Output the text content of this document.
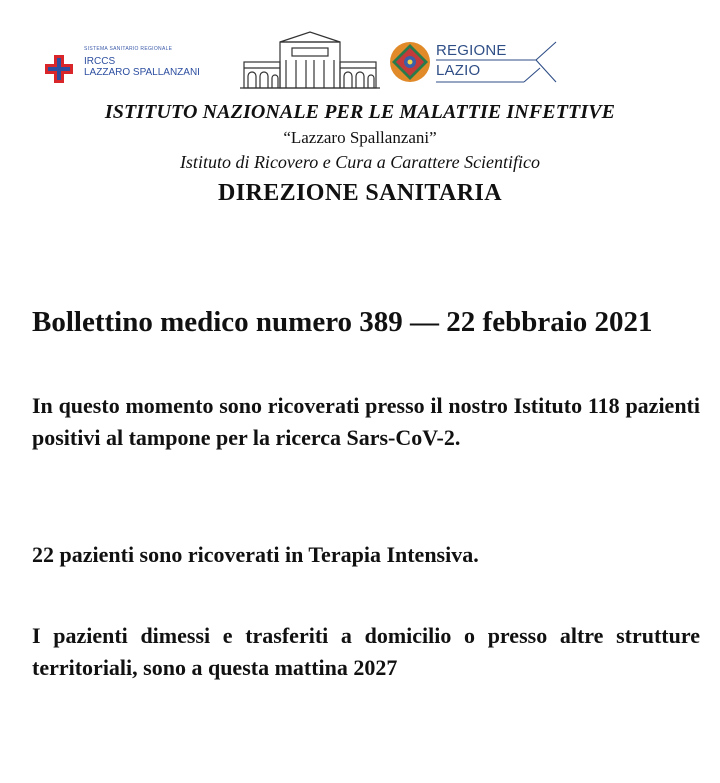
SISTEMA SANITARIO REGIONALE
IRCCS
LAZZARO SPALLANZANI
REGIONE
LAZIO
ISTITUTO NAZIONALE PER LE MALATTIE INFETTIVE
“Lazzaro Spallanzani”
Istituto di Ricovero e Cura a Carattere Scientifico
DIREZIONE SANITARIA
Bollettino medico numero 389 — 22 febbraio 2021
In questo momento sono ricoverati presso il nostro Istituto 118 pazienti positivi al tampone per la ricerca Sars-CoV-2.
22 pazienti sono ricoverati in Terapia Intensiva.
I pazienti dimessi e trasferiti a domicilio o presso altre strutture territoriali, sono a questa mattina 2027
